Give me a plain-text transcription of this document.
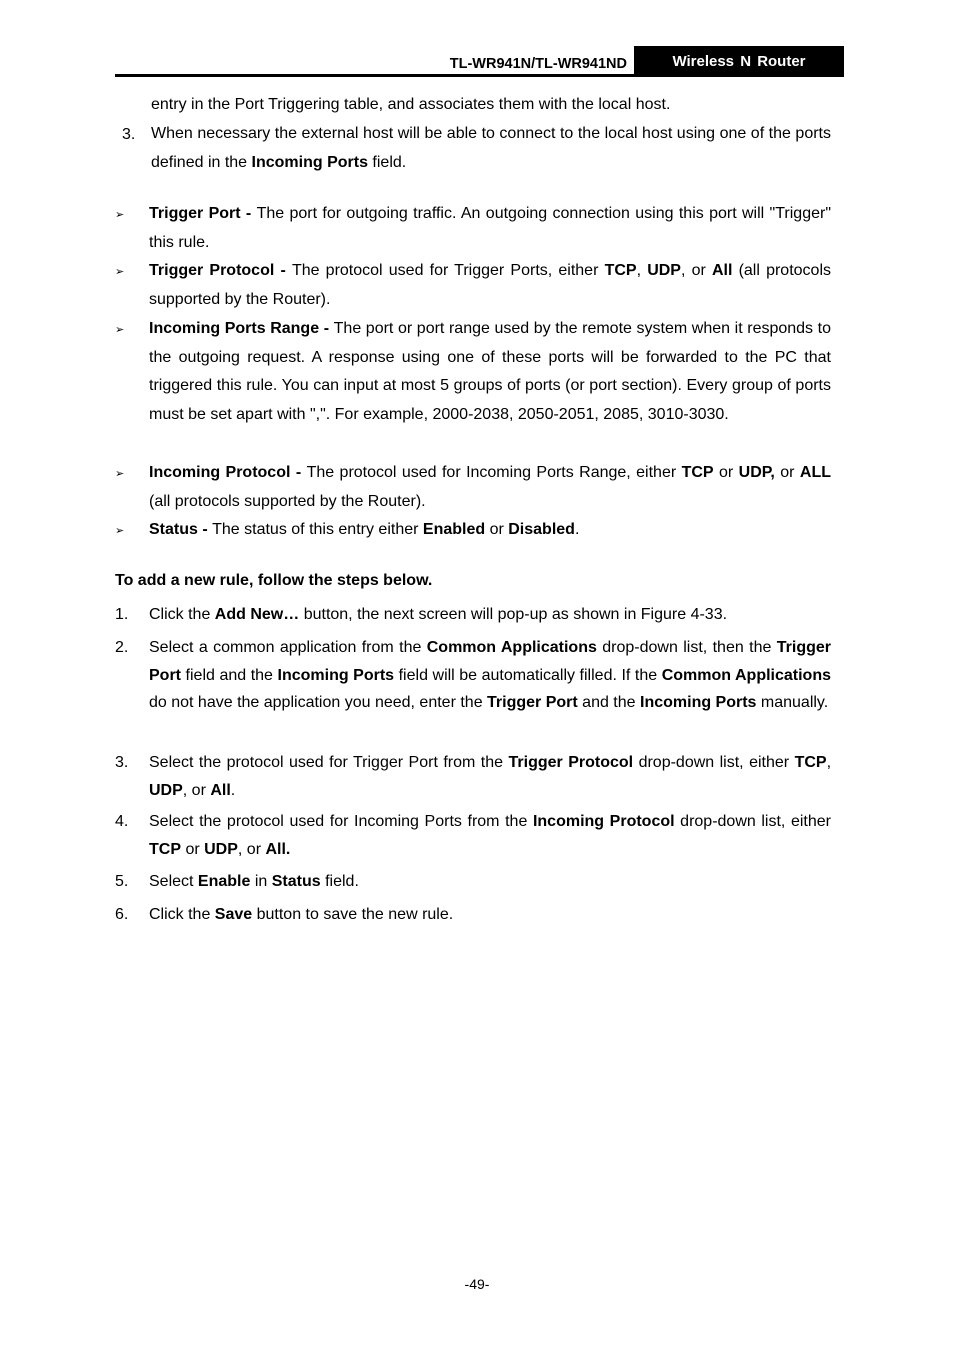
TL-WR941N/TL-WR941ND	Wireless N Router
entry in the Port Triggering table, and associates them with the local host.
3. When necessary the external host will be able to connect to the local host using one of the ports defined in the Incoming Ports field.
➢ Trigger Port - The port for outgoing traffic. An outgoing connection using this port will "Trigger" this rule.
➢ Trigger Protocol - The protocol used for Trigger Ports, either TCP, UDP, or All (all protocols supported by the Router).
➢ Incoming Ports Range - The port or port range used by the remote system when it responds to the outgoing request. A response using one of these ports will be forwarded to the PC that triggered this rule. You can input at most 5 groups of ports (or port section). Every group of ports must be set apart with ",". For example, 2000-2038, 2050-2051, 2085, 3010-3030.
➢ Incoming Protocol - The protocol used for Incoming Ports Range, either TCP or UDP, or ALL (all protocols supported by the Router).
➢ Status - The status of this entry either Enabled or Disabled.
To add a new rule, follow the steps below.
1. Click the Add New… button, the next screen will pop-up as shown in Figure 4-33.
2. Select a common application from the Common Applications drop-down list, then the Trigger Port field and the Incoming Ports field will be automatically filled. If the Common Applications do not have the application you need, enter the Trigger Port and the Incoming Ports manually.
3. Select the protocol used for Trigger Port from the Trigger Protocol drop-down list, either TCP, UDP, or All.
4. Select the protocol used for Incoming Ports from the Incoming Protocol drop-down list, either TCP or UDP, or All.
5. Select Enable in Status field.
6. Click the Save button to save the new rule.
-49-
